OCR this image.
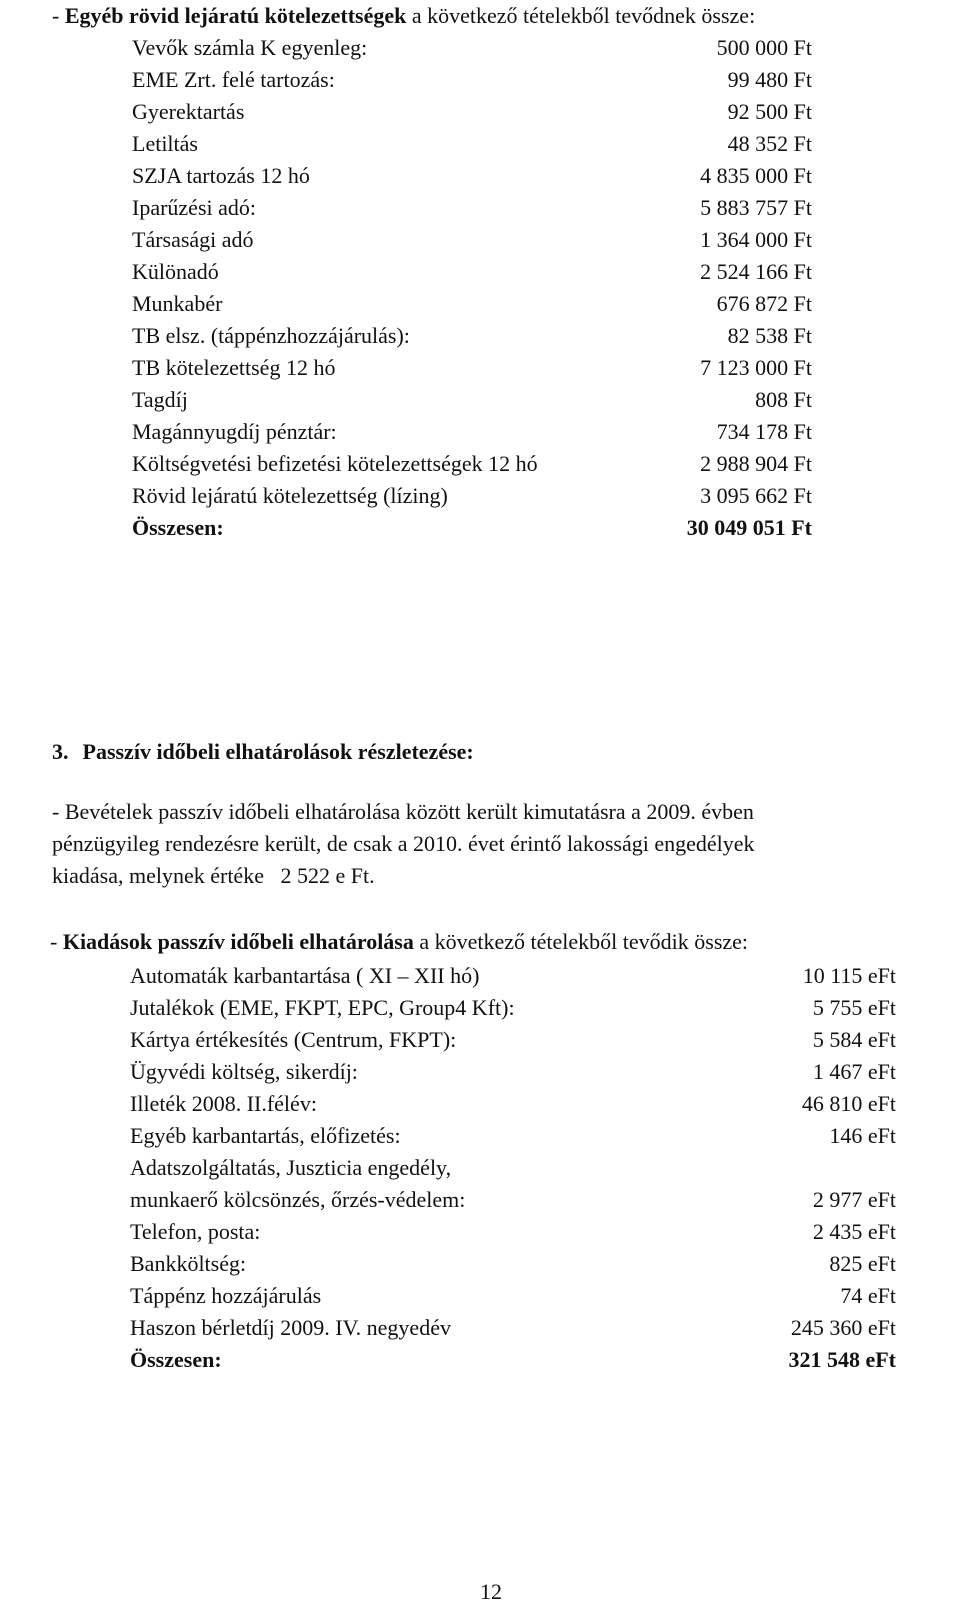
- Egyéb rövid lejáratú kötelezettségek a következő tételekből tevődnek össze:
Vevők számla K egyenleg:	500 000 Ft
EME Zrt. felé tartozás:	99 480 Ft
Gyerektartás	92 500 Ft
Letiltás	48 352 Ft
SZJA tartozás 12 hó	4 835 000 Ft
Iparűzési adó:	5 883 757 Ft
Társasági adó	1 364 000 Ft
Különadó	2 524 166 Ft
Munkabér	676 872 Ft
TB elsz. (táppénzhozzájárulás):	82 538 Ft
TB kötelezettség 12 hó	7 123 000 Ft
Tagdíj	808 Ft
Magánnyugdíj pénztár:	734 178 Ft
Költségvetési befizetési kötelezettségek 12 hó	2 988 904 Ft
Rövid lejáratú kötelezettség (lízing)	3 095 662 Ft
Összesen:	30 049 051 Ft
3. Passzív időbeli elhatárolások részletezése:
- Bevételek passzív időbeli elhatárolása között került kimutatásra a 2009. évben
pénzügyileg rendezésre került, de csak a 2010. évet érintő lakossági engedélyek
kiadása, melynek értéke   2 522 e Ft.
- Kiadások passzív időbeli elhatárolása a következő tételekből tevődik össze:
Automaták karbantartása ( XI – XII hó)	10 115 eFt
Jutalékok (EME, FKPT, EPC, Group4 Kft):	5 755 eFt
Kártya értékesítés (Centrum, FKPT):	5 584 eFt
Ügyvédi költség, sikerdíj:	1 467 eFt
Illeték 2008. II.félév:	46 810 eFt
Egyéb karbantartás, előfizetés:	146 eFt
Adatszolgáltatás, Juszticia engedély,
munkaerő kölcsönzés, őrzés-védelem:	2 977 eFt
Telefon, posta:	2 435 eFt
Bankköltség:	825 eFt
Táppénz hozzájárulás	74 eFt
Haszon bérletdíj 2009. IV. negyedév	245 360 eFt
Összesen:	321 548 eFt
12
